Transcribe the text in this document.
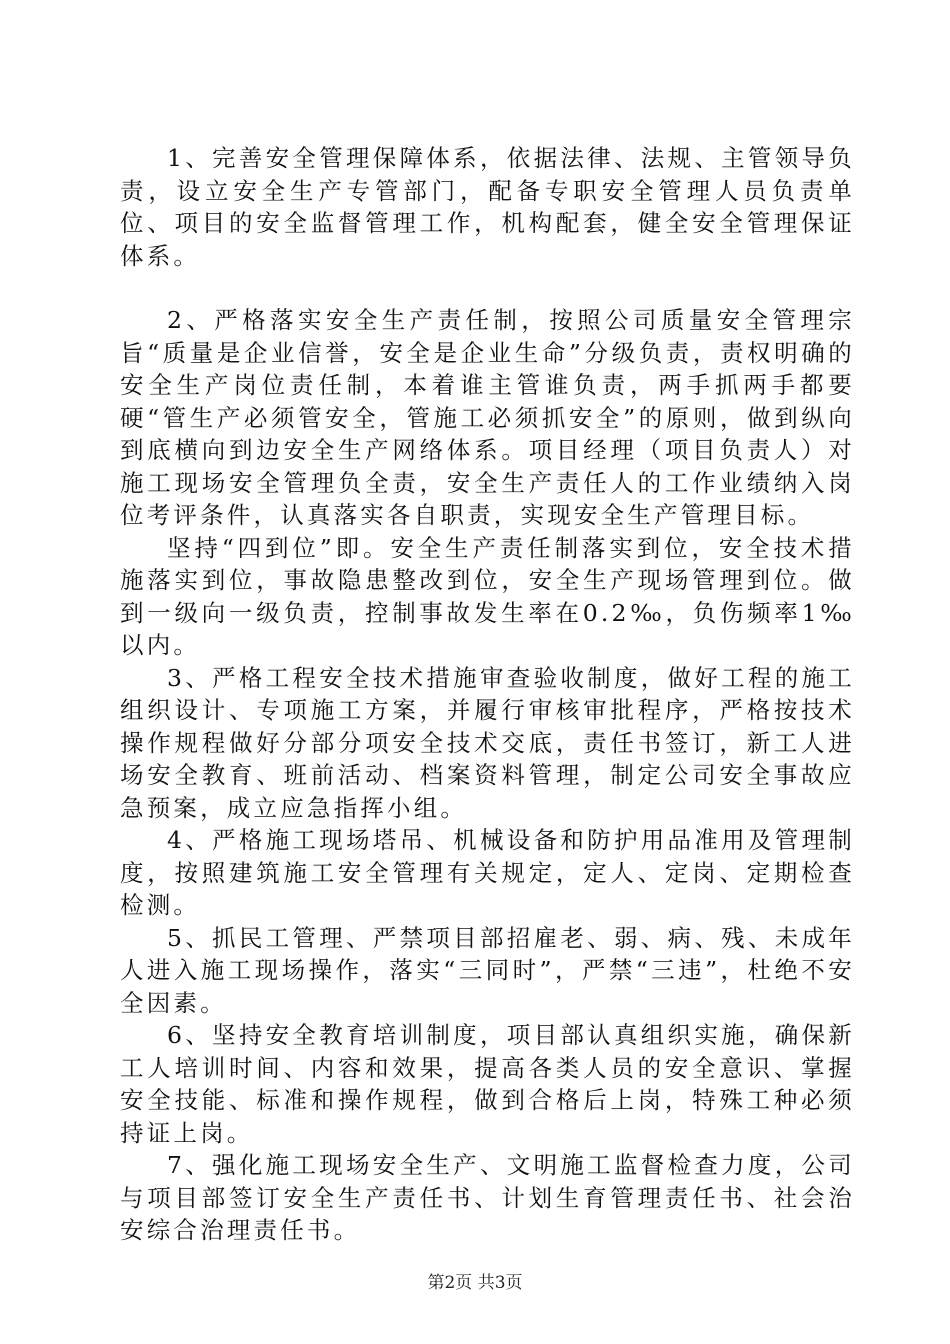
1、完善安全管理保障体系，依据法律、法规、主管领导负责，设立安全生产专管部门，配备专职安全管理人员负责单位、项目的安全监督管理工作，机构配套，健全安全管理保证体系。

2、严格落实安全生产责任制，按照公司质量安全管理宗旨“质量是企业信誉，安全是企业生命”分级负责，责权明确的安全生产岗位责任制，本着谁主管谁负责，两手抓两手都要硬“管生产必须管安全，管施工必须抓安全”的原则，做到纵向到底横向到边安全生产网络体系。项目经理（项目负责人）对施工现场安全管理负全责，安全生产责任人的工作业绩纳入岗位考评条件，认真落实各自职责，实现安全生产管理目标。

坚持“四到位”即。安全生产责任制落实到位，安全技术措施落实到位，事故隐患整改到位，安全生产现场管理到位。做到一级向一级负责，控制事故发生率在0.2‰，负伤频率1‰以内。

3、严格工程安全技术措施审查验收制度，做好工程的施工组织设计、专项施工方案，并履行审核审批程序，严格按技术操作规程做好分部分项安全技术交底，责任书签订，新工人进场安全教育、班前活动、档案资料管理，制定公司安全事故应急预案，成立应急指挥小组。

4、严格施工现场塔吊、机械设备和防护用品准用及管理制度，按照建筑施工安全管理有关规定，定人、定岗、定期检查检测。

5、抓民工管理、严禁项目部招雇老、弱、病、残、未成年人进入施工现场操作，落实“三同时”，严禁“三违”，杜绝不安全因素。

6、坚持安全教育培训制度，项目部认真组织实施，确保新工人培训时间、内容和效果，提高各类人员的安全意识、掌握安全技能、标准和操作规程，做到合格后上岗，特殊工种必须持证上岗。

7、强化施工现场安全生产、文明施工监督检查力度，公司与项目部签订安全生产责任书、计划生育管理责任书、社会治安综合治理责任书。

第2页 共3页
